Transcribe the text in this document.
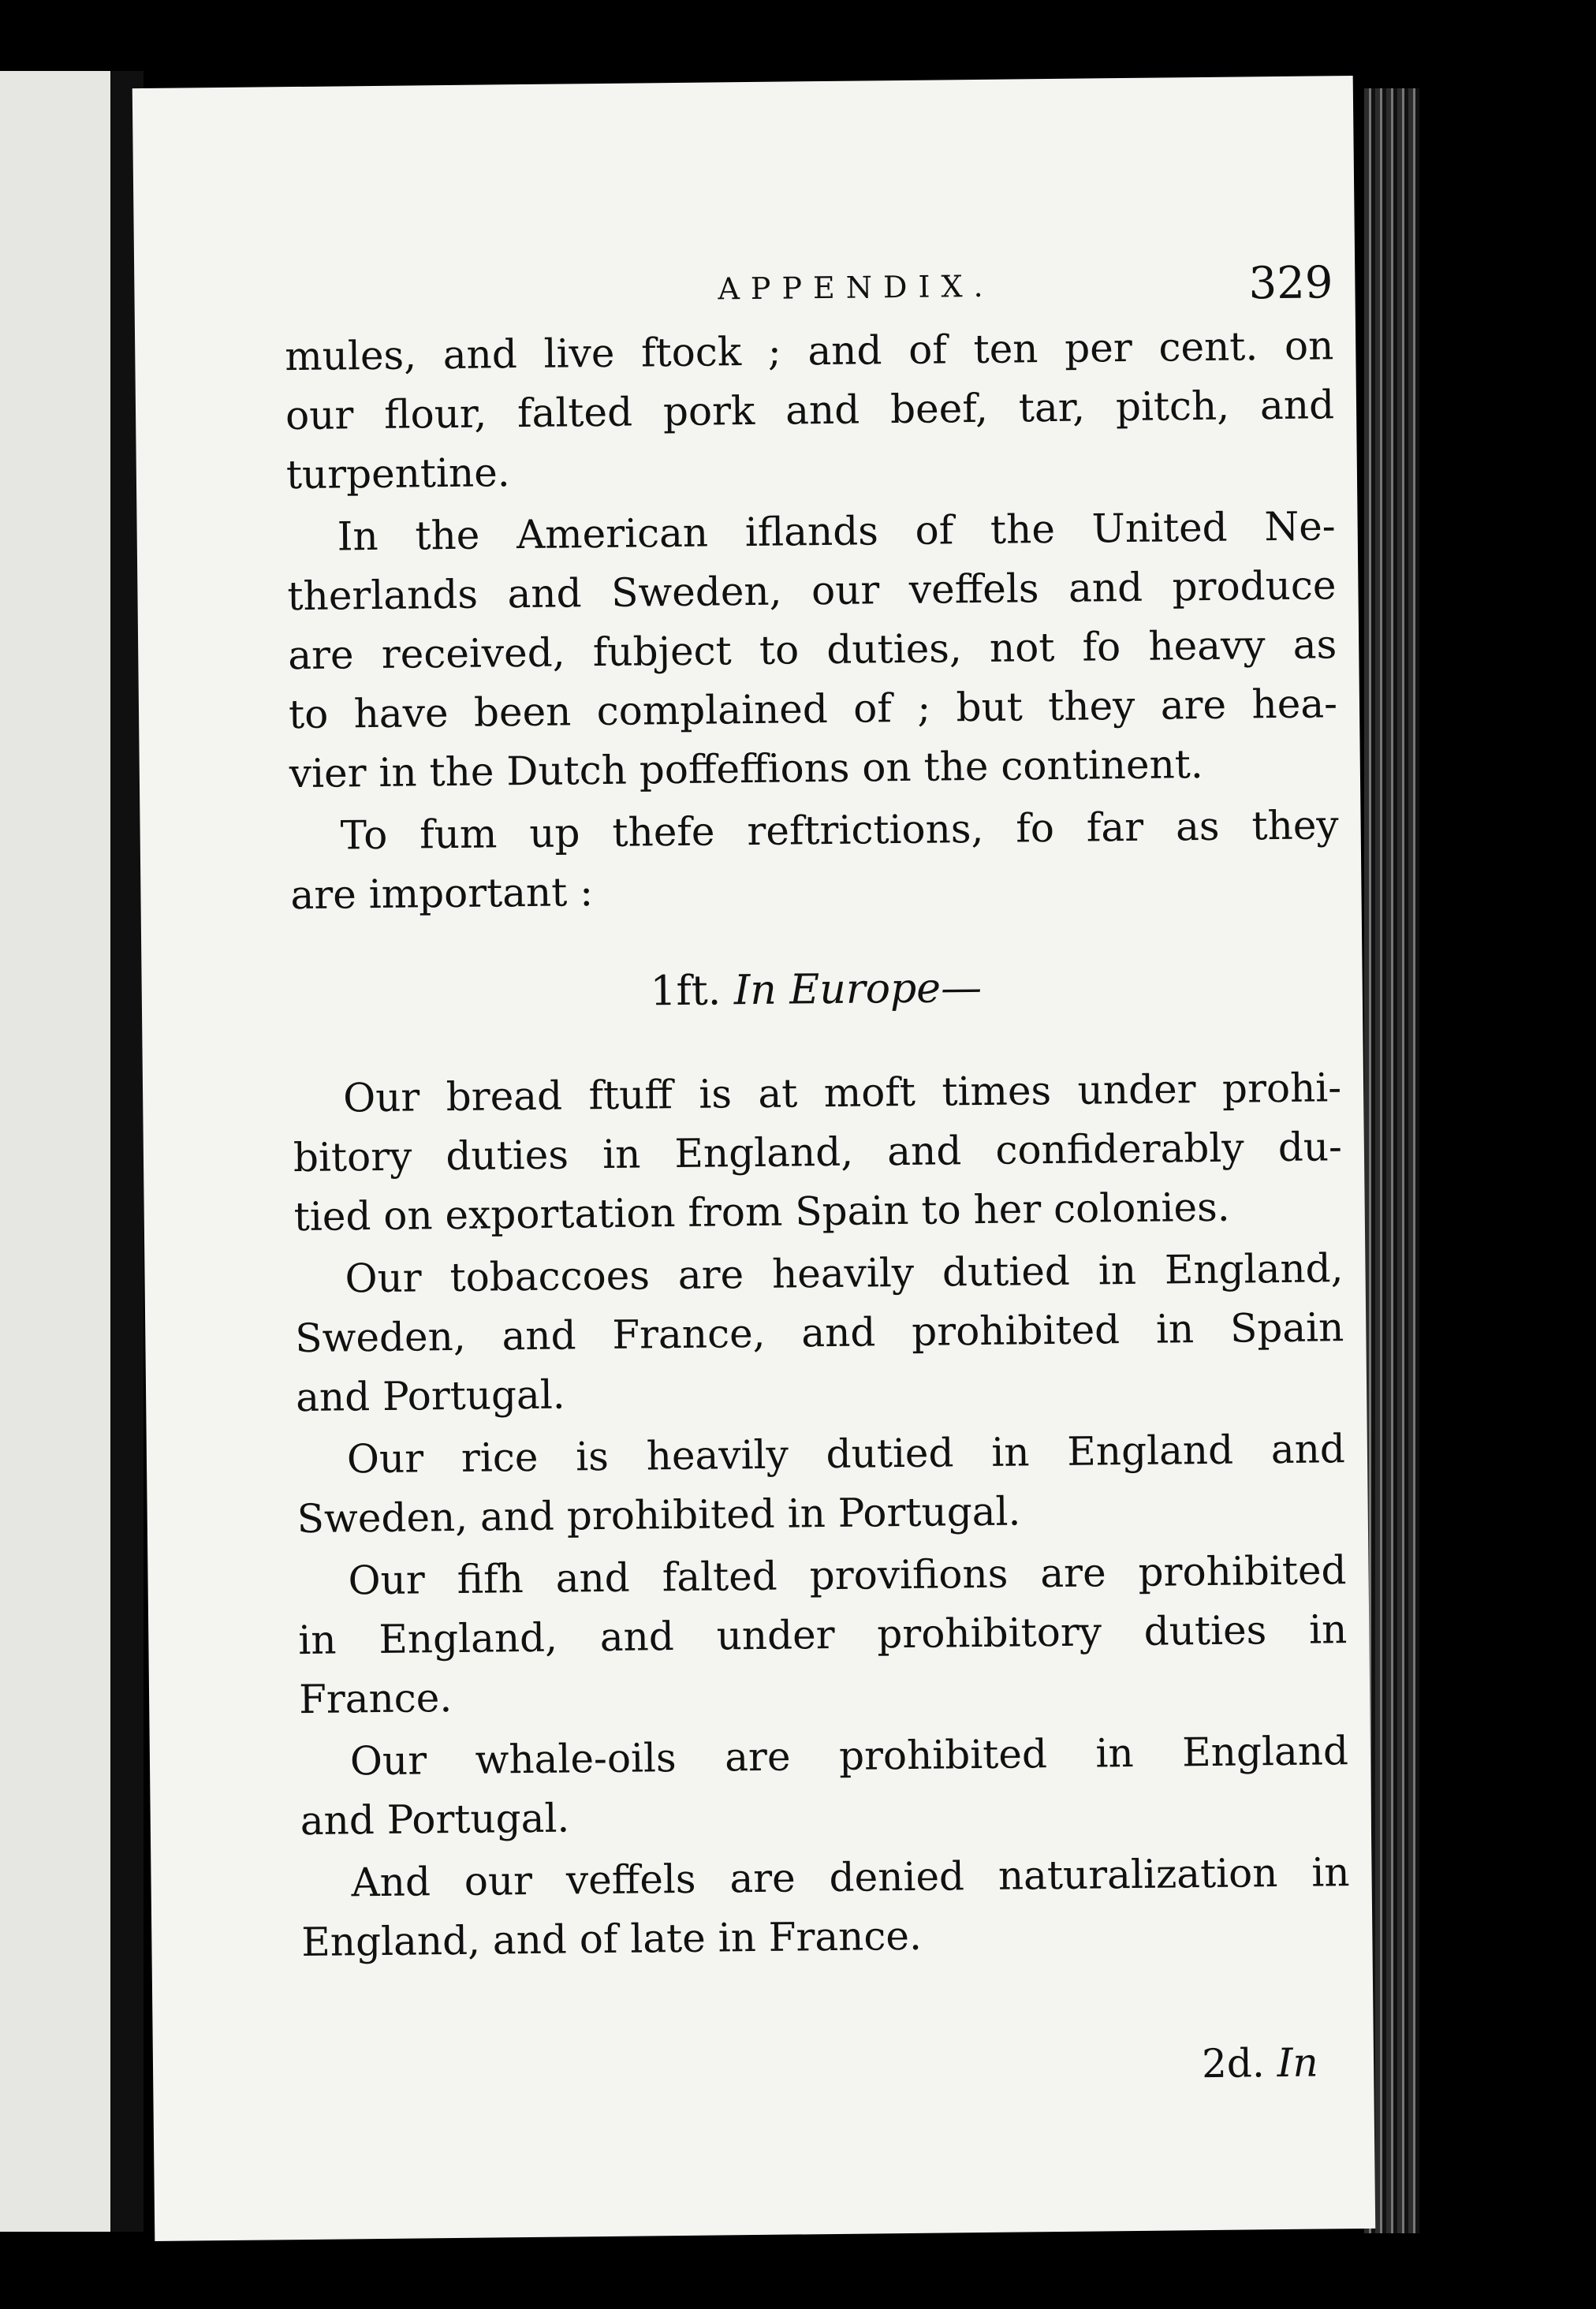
APPENDIX.	329
mules, and live ftock ; and of ten per cent. on
our flour, falted pork and beef, tar, pitch, and
turpentine.
In the American iflands of the United Ne-
therlands and Sweden, our veffels and produce
are received, fubject to duties, not fo heavy as
to have been complained of ; but they are hea-
vier in the Dutch poffeffions on the continent.
To fum up thefe reftrictions, fo far as they
are important :
1ft. In Europe—
Our bread ftuff is at moft times under prohi-
bitory duties in England, and confiderably du-
tied on exportation from Spain to her colonies.
Our tobaccoes are heavily dutied in England,
Sweden, and France, and prohibited in Spain
and Portugal.
Our rice is heavily dutied in England and
Sweden, and prohibited in Portugal.
Our fifh and falted provifions are prohibited
in England, and under prohibitory duties in
France.
Our whale-oils are prohibited in England
and Portugal.
And our veffels are denied naturalization in
England, and of late in France.
2d. In
